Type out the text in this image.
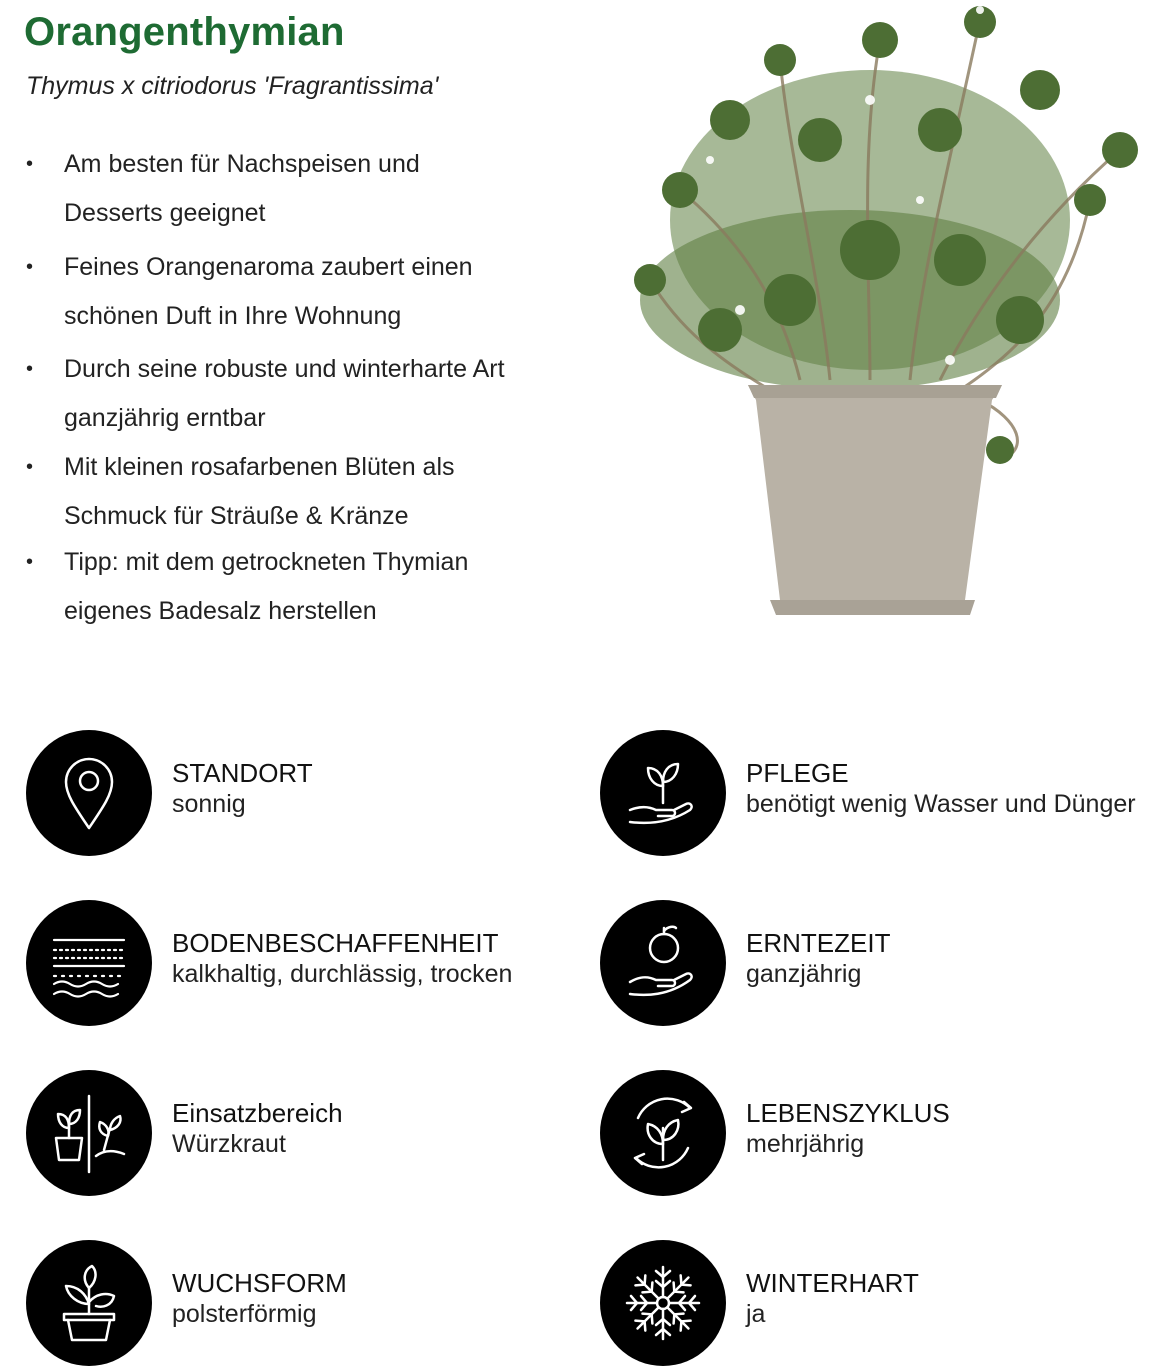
Orangenthymian
Thymus x citriodorus 'Fragrantissima'
•	Am besten für Nachspeisen und
Desserts geeignet
•	Feines Orangenaroma zaubert einen
schönen Duft in Ihre Wohnung
•	Durch seine robuste und winterharte Art
ganzjährig erntbar
•	Mit kleinen rosafarbenen Blüten als
Schmuck für Sträuße & Kränze
•	Tipp: mit dem getrockneten Thymian
eigenes Badesalz herstellen
STANDORT
sonnig
PFLEGE
benötigt wenig Wasser und Dünger
BODENBESCHAFFENHEIT
kalkhaltig, durchlässig, trocken
ERNTEZEIT
ganzjährig
Einsatzbereich
Würzkraut
LEBENSZYKLUS
mehrjährig
WUCHSFORM
polsterförmig
WINTERHART
ja
